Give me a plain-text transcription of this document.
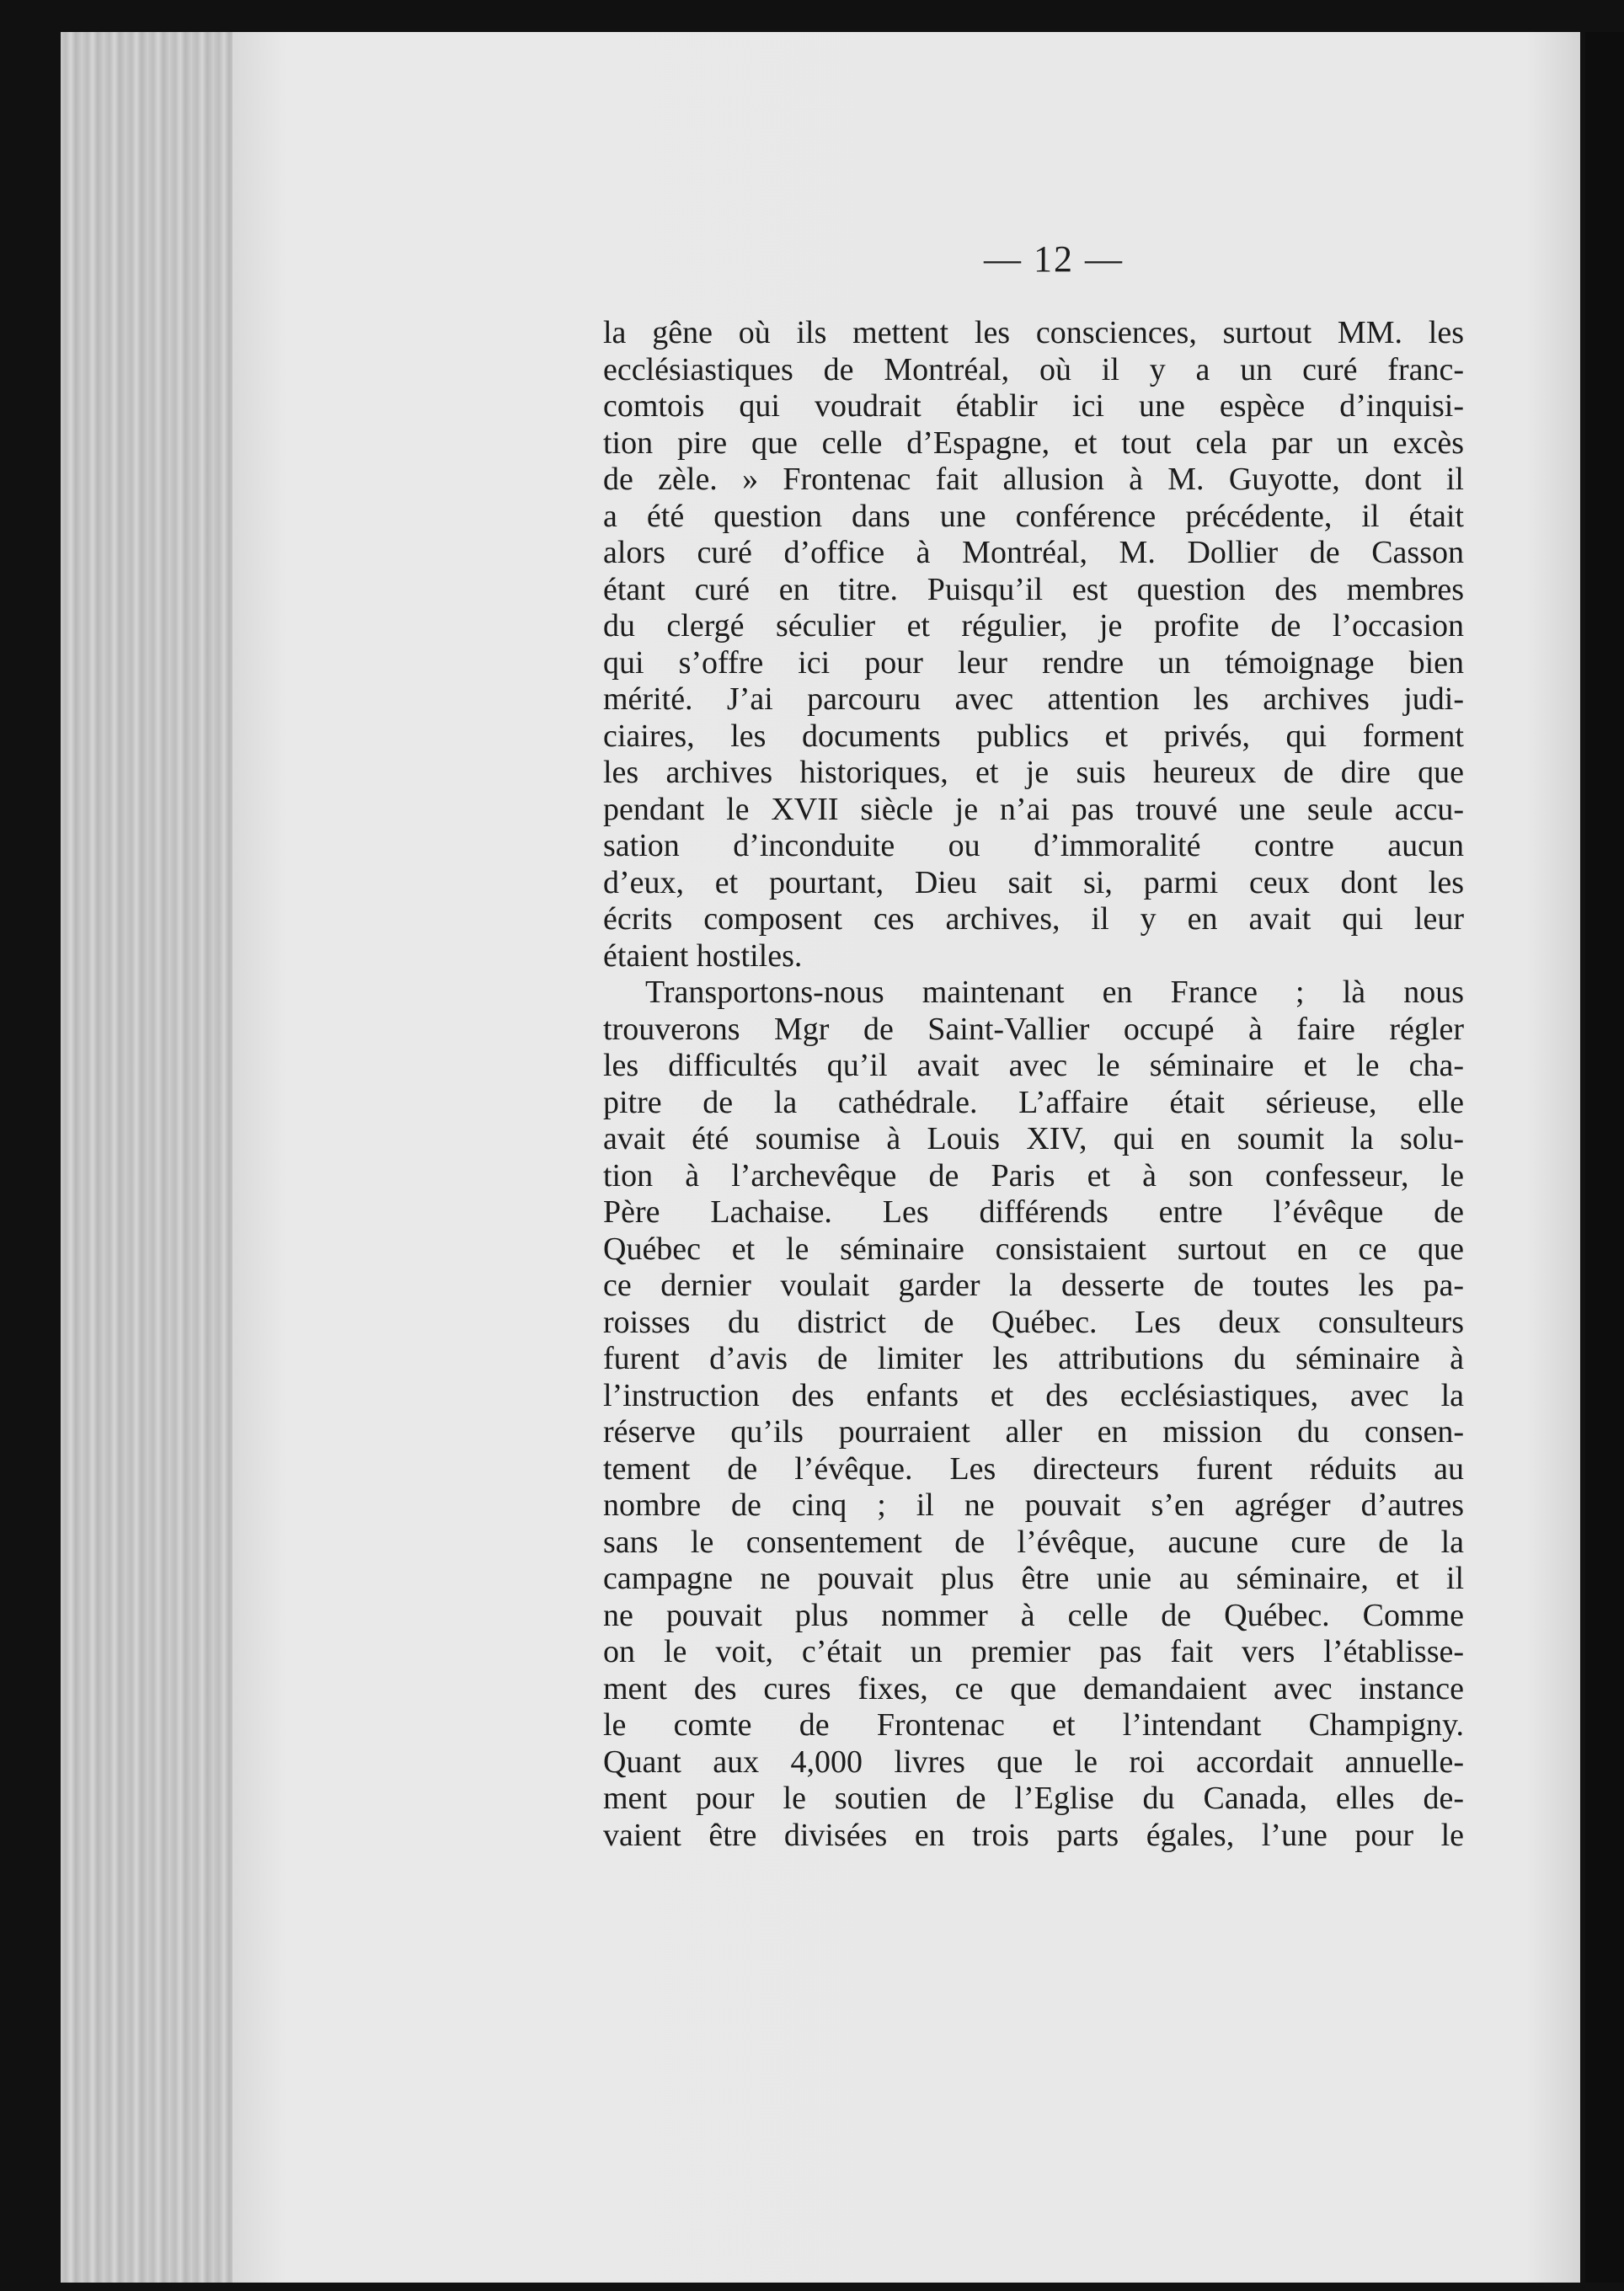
— 12 —
la gêne où ils mettent les consciences, surtout MM. les
ecclésiastiques de Montréal, où il y a un curé franc-
comtois qui voudrait établir ici une espèce d’inquisi-
tion pire que celle d’Espagne, et tout cela par un excès
de zèle. » Frontenac fait allusion à M. Guyotte, dont il
a été question dans une conférence précédente, il était
alors curé d’office à Montréal, M. Dollier de Casson
étant curé en titre. Puisqu’il est question des membres
du clergé séculier et régulier, je profite de l’occasion
qui s’offre ici pour leur rendre un témoignage bien
mérité. J’ai parcouru avec attention les archives judi-
ciaires, les documents publics et privés, qui forment
les archives historiques, et je suis heureux de dire que
pendant le XVII siècle je n’ai pas trouvé une seule accu-
sation d’inconduite ou d’immoralité contre aucun
d’eux, et pourtant, Dieu sait si, parmi ceux dont les
écrits composent ces archives, il y en avait qui leur
étaient hostiles.
Transportons-nous maintenant en France ; là nous
trouverons Mgr de Saint-Vallier occupé à faire régler
les difficultés qu’il avait avec le séminaire et le cha-
pitre de la cathédrale. L’affaire était sérieuse, elle
avait été soumise à Louis XIV, qui en soumit la solu-
tion à l’archevêque de Paris et à son confesseur, le
Père Lachaise. Les différends entre l’évêque de
Québec et le séminaire consistaient surtout en ce que
ce dernier voulait garder la desserte de toutes les pa-
roisses du district de Québec. Les deux consulteurs
furent d’avis de limiter les attributions du séminaire à
l’instruction des enfants et des ecclésiastiques, avec la
réserve qu’ils pourraient aller en mission du consen-
tement de l’évêque. Les directeurs furent réduits au
nombre de cinq ; il ne pouvait s’en agréger d’autres
sans le consentement de l’évêque, aucune cure de la
campagne ne pouvait plus être unie au séminaire, et il
ne pouvait plus nommer à celle de Québec. Comme
on le voit, c’était un premier pas fait vers l’établisse-
ment des cures fixes, ce que demandaient avec instance
le comte de Frontenac et l’intendant Champigny.
Quant aux 4,000 livres que le roi accordait annuelle-
ment pour le soutien de l’Eglise du Canada, elles de-
vaient être divisées en trois parts égales, l’une pour le
